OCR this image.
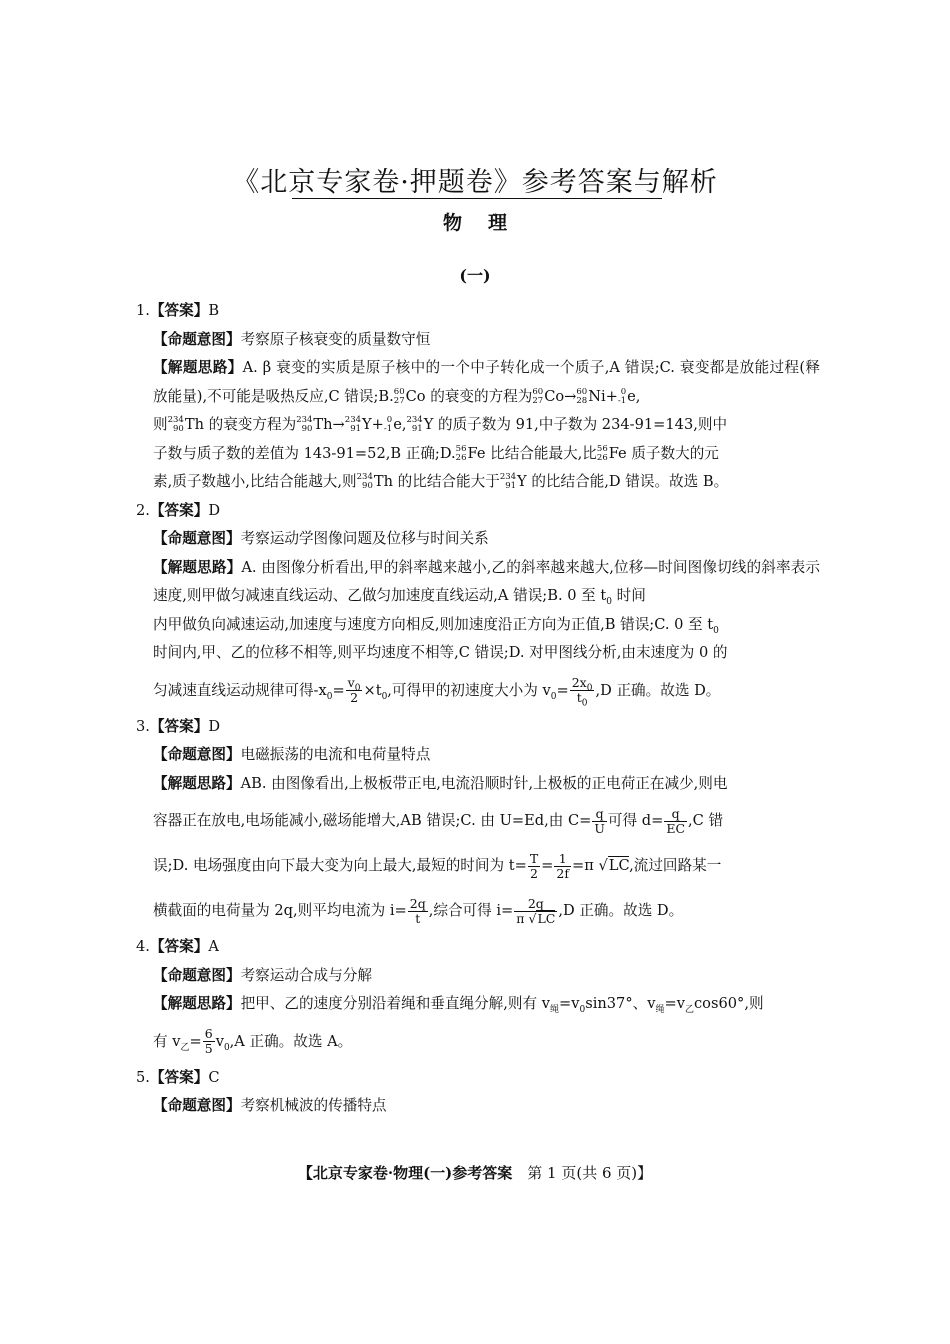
《北京专家卷·押题卷》参考答案与解析
物理
(一)

1.【答案】B

【命题意图】考察原子核衰变的质量数守恒

【解题思路】A. β 衰变的实质是原子核中的一个中子转化成一个质子,A 错误;C. 衰变都是放能过程(释放能量),不可能是吸热反应,C 错误;B. 60
27 Co 的衰变的方程为 60
27 Co→ 60
28 Ni+ 0
-1 e,
则 234
90 Th 的衰变方程为 234
90 Th→ 234
91 Y+ 0
-1 e, 234
91 Y 的质子数为 91,中子数为 234-91=143,则中
子数与质子数的差值为 143-91=52,B 正确;D. 56
26 Fe 比结合能最大,比 56
26 Fe 质子数大的元
素,质子数越小,比结合能越大,则 234
90 Th 的比结合能大于 234
91 Y 的比结合能,D 错误。故选 B。

2.【答案】D

【命题意图】考察运动学图像问题及位移与时间关系

【解题思路】A. 由图像分析看出,甲的斜率越来越小,乙的斜率越来越大,位移—时间图像切线的斜率表示速度,则甲做匀减速直线运动、乙做匀加速度直线运动,A 错误;B. 0 至 $t_0$ 时间
内甲做负向减速运动,加速度与速度方向相反,则加速度沿正方向为正值,B 错误;C. 0 至 $t_0$
时间内,甲、乙的位移不相等,则平均速度不相等,C 错误;D. 对甲图线分析,由末速度为 0 的
匀减速直线运动规律可得$-x_0= \frac{v_0}{2} \times t_0$,可得甲的初速度大小为 $v_0= \frac{2x_0}{t_0} ,D$ 正确。故选 D。

3.【答案】D

【命题意图】电磁振荡的电流和电荷量特点

【解题思路】AB. 由图像看出,上极板带正电,电流沿顺时针,上极板的正电荷正在减少,则电
容器正在放电,电场能减小,磁场能增大,AB 错误;C. 由 U=Ed,由 $C= \frac{q}{U}$ 可得 $d= \frac{q}{EC} ,C$ 错
误;D. 电场强度由向下最大变为向上最大,最短的时间为 $t= \frac{T}{2} = \frac{1}{2f} =\pi$ √LC,流过回路某一
横截面的电荷量为 2q,则平均电流为 $i= \frac{2q}{t}$ ,综合可得 $i= \frac{2q}{\pi √LC} ,D$ 正确。故选 D。

4.【答案】A

【命题意图】考察运动合成与分解

【解题思路】把甲、乙的速度分别沿着绳和垂直绳分解,则有 $v_绳=v_0\sin 37^\circ$、$v_绳=v_乙\cos 60^\circ$,则
有 $v_乙= \frac{6}{5} v_0,A$ 正确。故选 A。

5.【答案】C

【命题意图】考察机械波的传播特点

【北京专家卷·物理(一)参考答案　 第 1 页(共 6 页)】
